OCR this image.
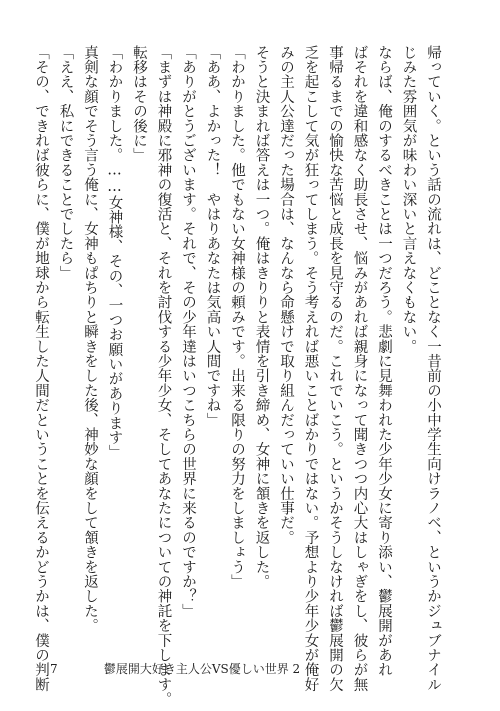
帰っていく。という話の流れは、どことなく一昔前の小中学生向けラノベ、というかジュブナイル
じみた雰囲気が味わい深いと言えなくもない。
ならば、俺のするべきことは一つだろう。悲劇に見舞われた少年少女に寄り添い、鬱展開があれ
ばそれを違和感なく助長させ、悩みがあれば親身になって聞きつつ内心大はしゃぎをし、彼らが無
事帰るまでの愉快な苦悩と成長を見守るのだ。これでいこう。というかそうしなければ鬱展開の欠
乏を起こして気が狂ってしまう。そう考えれば悪いことばかりではない。予想より少年少女が俺好
みの主人公達だった場合は、なんなら命懸けで取り組んだっていい仕事だ。
そうと決まれば答えは一つ。俺はきりりと表情を引き締め、女神に頷きを返した。
「わかりました。他でもない女神様の頼みです。出来る限りの努力をしましょう」
「ああ、よかった！　やはりあなたは気高い人間ですね」
「ありがとうございます。それで、その少年達はいつこちらの世界に来るのですか？」
「まずは神殿に邪神の復活と、それを討伐する少年少女、そしてあなたについての神託を下します。
転移はその後に」
「わかりました。……女神様、その、一つお願いがあります」
真剣な顔でそう言う俺に、女神もぱちりと瞬きをした後、神妙な顔をして頷きを返した。
「ええ、私にできることでしたら」
「その、できれば彼らに、僕が地球から転生した人間だということを伝えるかどうかは、僕の判断 7	鬱展開大好き主人公VS優しい世界 2
